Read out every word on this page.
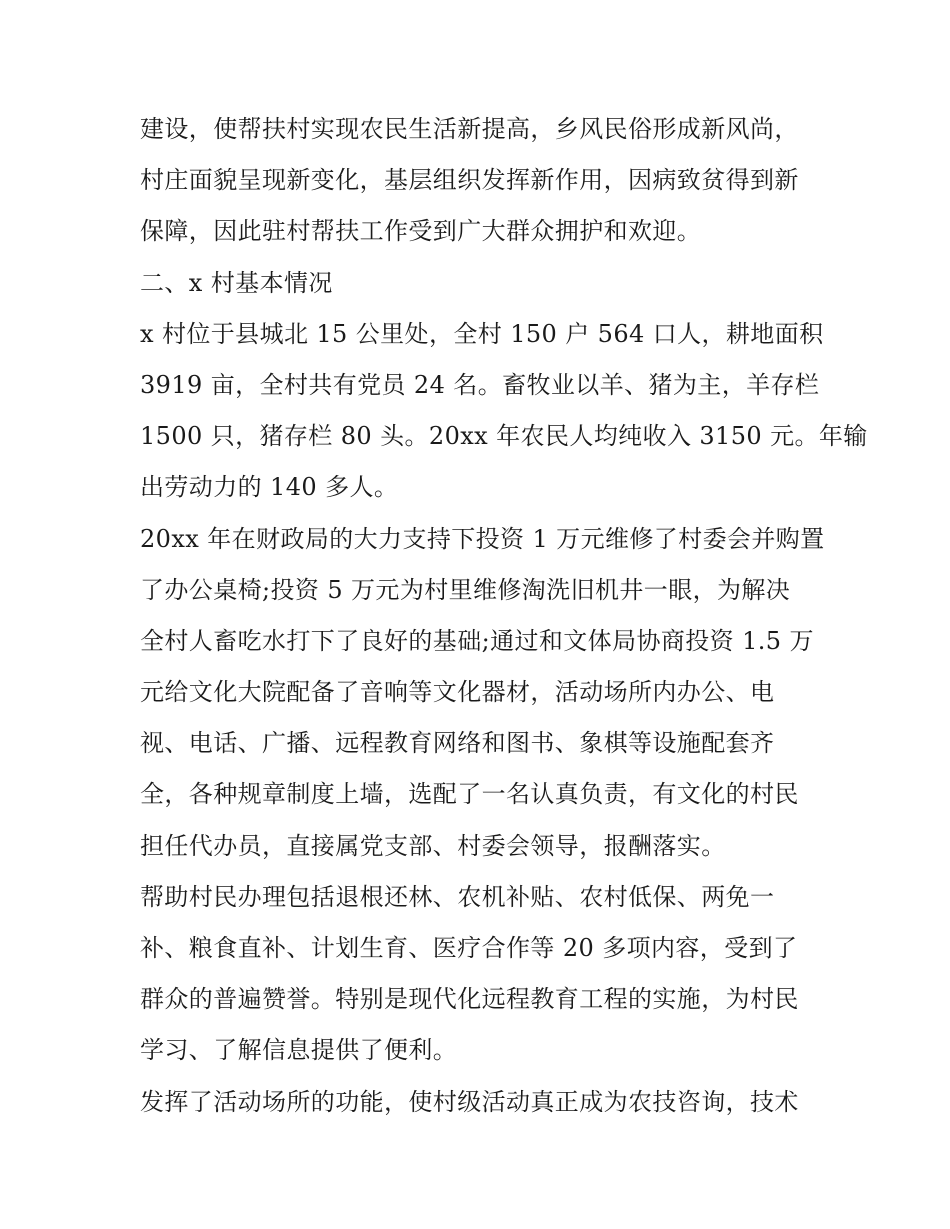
建设，使帮扶村实现农民生活新提高，乡风民俗形成新风尚，
村庄面貌呈现新变化，基层组织发挥新作用，因病致贫得到新
保障，因此驻村帮扶工作受到广大群众拥护和欢迎。
二、x 村基本情况
x 村位于县城北 15 公里处，全村 150 户 564 口人，耕地面积
3919 亩，全村共有党员 24 名。畜牧业以羊、猪为主，羊存栏
1500 只，猪存栏 80 头。20xx 年农民人均纯收入 3150 元。年输
出劳动力的 140 多人。
20xx 年在财政局的大力支持下投资 1 万元维修了村委会并购置
了办公桌椅;投资 5 万元为村里维修淘洗旧机井一眼，为解决
全村人畜吃水打下了良好的基础;通过和文体局协商投资 1.5 万
元给文化大院配备了音响等文化器材，活动场所内办公、电
视、电话、广播、远程教育网络和图书、象棋等设施配套齐
全，各种规章制度上墙，选配了一名认真负责，有文化的村民
担任代办员，直接属党支部、村委会领导，报酬落实。
帮助村民办理包括退根还林、农机补贴、农村低保、两免一
补、粮食直补、计划生育、医疗合作等 20 多项内容，受到了
群众的普遍赞誉。特别是现代化远程教育工程的实施，为村民
学习、了解信息提供了便利。
发挥了活动场所的功能，使村级活动真正成为农技咨询，技术
